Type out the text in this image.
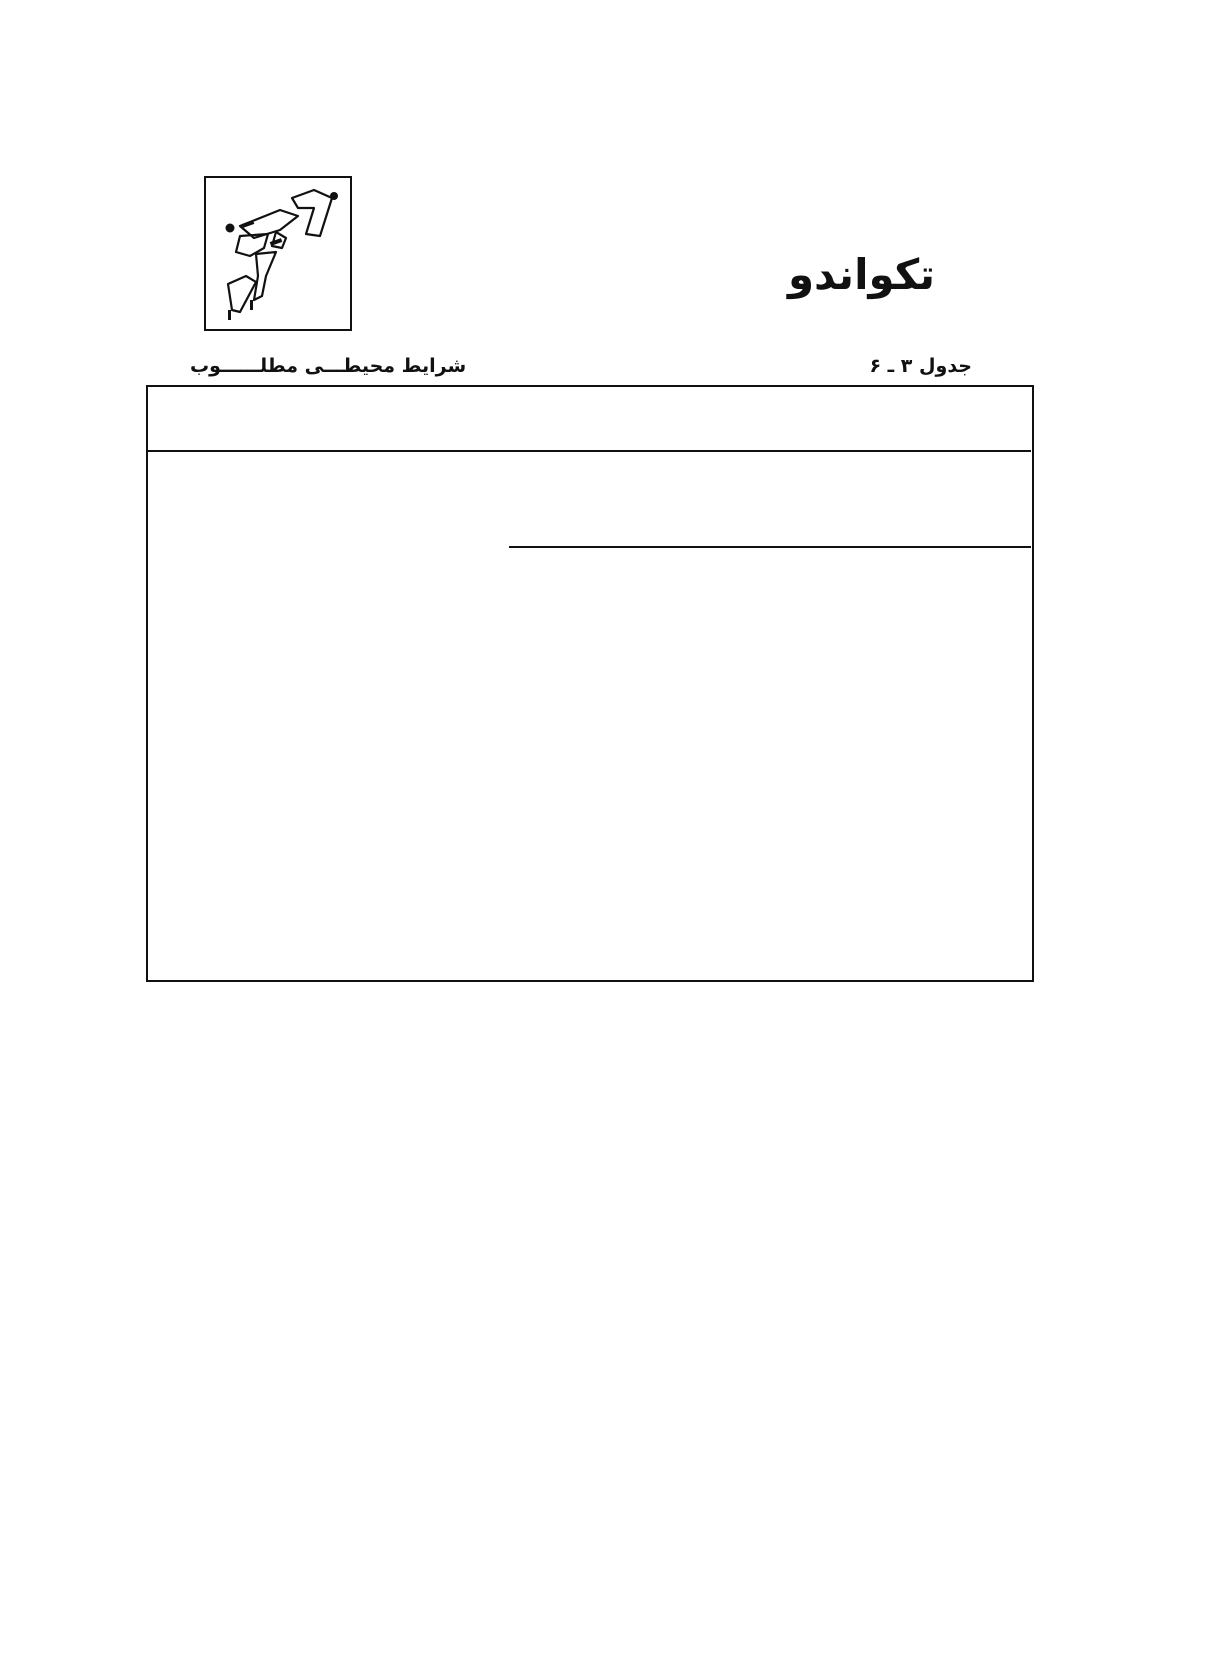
تکواندو
جدول ۳ ـ ۶
شرایط محیطـــی مطلــــــوب
